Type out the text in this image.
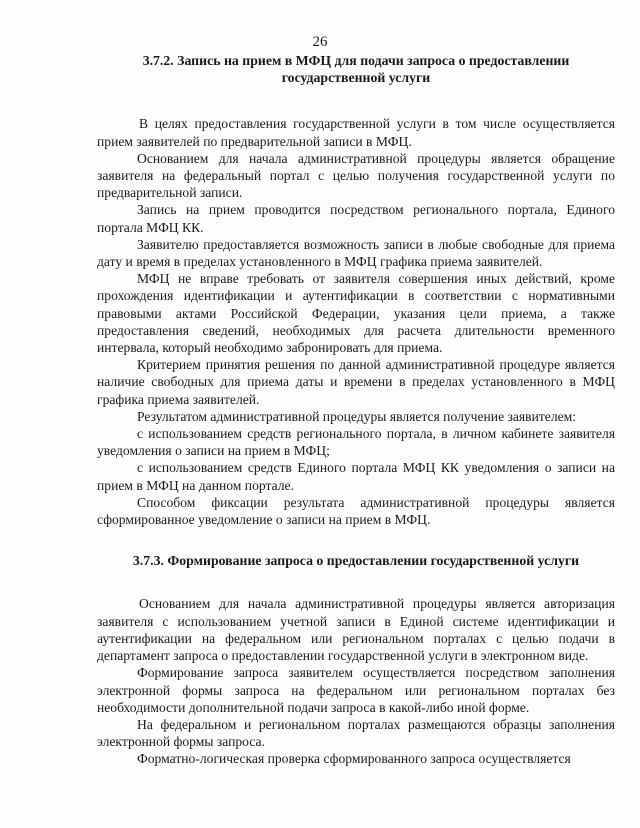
26

3.7.2. Запись на прием в МФЦ для подачи запроса о предоставлении государственной услуги

В целях предоставления государственной услуги в том числе осуществляется прием заявителей по предварительной записи в МФЦ.

Основанием для начала административной процедуры является обращение заявителя на федеральный портал с целью получения государственной услуги по предварительной записи.

Запись на прием проводится посредством регионального портала, Единого портала МФЦ КК.

Заявителю предоставляется возможность записи в любые свободные для приема дату и время в пределах установленного в МФЦ графика приема заявителей.

МФЦ не вправе требовать от заявителя совершения иных действий, кроме прохождения идентификации и аутентификации в соответствии с нормативными правовыми актами Российской Федерации, указания цели приема, а также предоставления сведений, необходимых для расчета длительности временного интервала, который необходимо забронировать для приема.

Критерием принятия решения по данной административной процедуре является наличие свободных для приема даты и времени в пределах установленного в МФЦ графика приема заявителей.

Результатом административной процедуры является получение заявителем:

с использованием средств регионального портала, в личном кабинете заявителя уведомления о записи на прием в МФЦ;

с использованием средств Единого портала МФЦ КК уведомления о записи на прием в МФЦ на данном портале.

Способом фиксации результата административной процедуры является сформированное уведомление о записи на прием в МФЦ.

3.7.3. Формирование запроса о предоставлении государственной услуги

Основанием для начала административной процедуры является авторизация заявителя с использованием учетной записи в Единой системе идентификации и аутентификации на федеральном или региональном порталах с целью подачи в департамент запроса о предоставлении государственной услуги в электронном виде.

Формирование запроса заявителем осуществляется посредством заполнения электронной формы запроса на федеральном или региональном порталах без необходимости дополнительной подачи запроса в какой-либо иной форме.

На федеральном и региональном порталах размещаются образцы заполнения электронной формы запроса.

Форматно-логическая проверка сформированного запроса осуществляется
